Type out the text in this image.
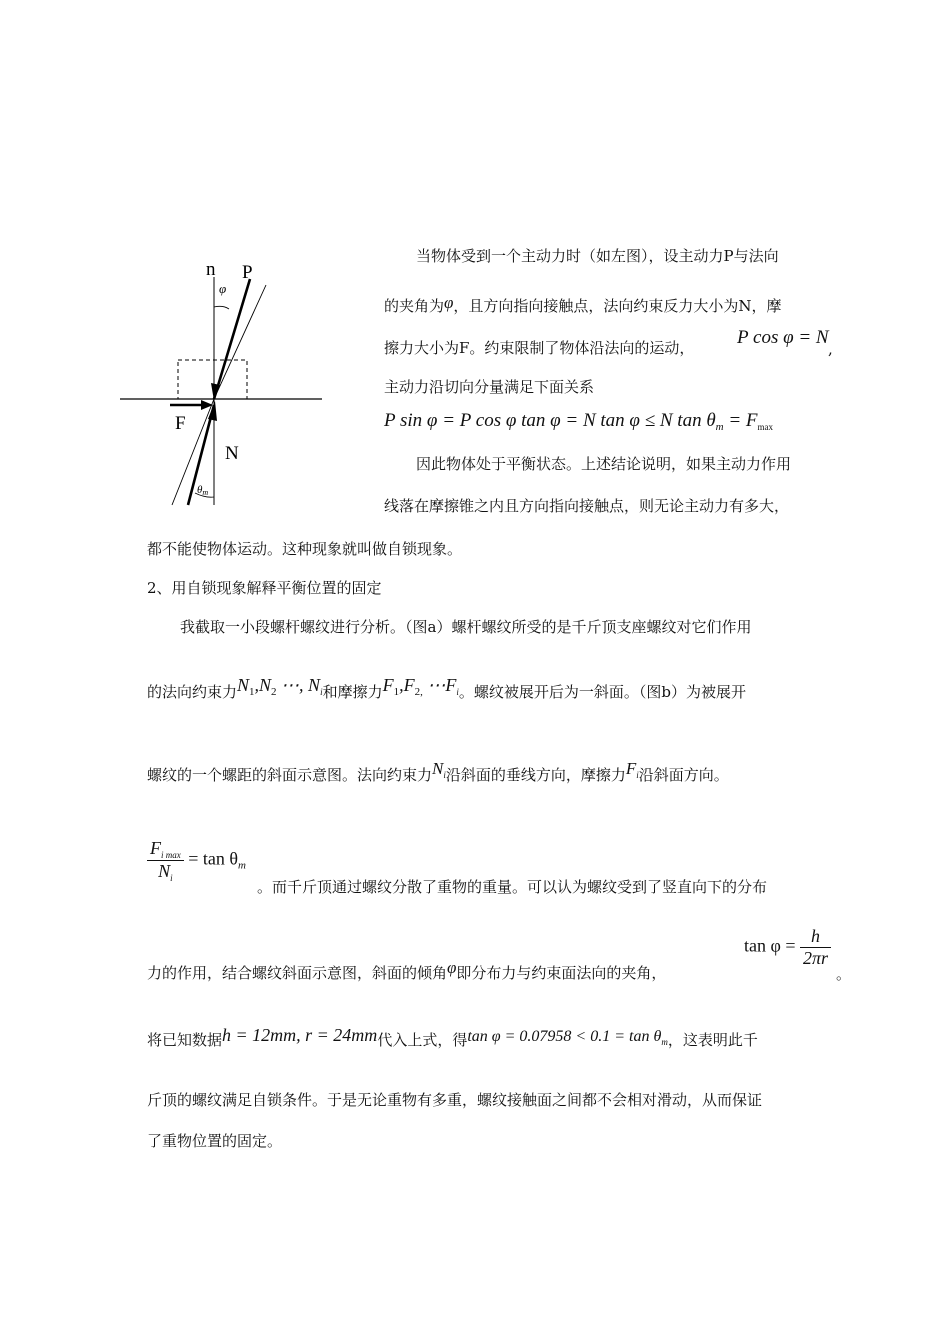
n P
φ
F
N
θm
当物体受到一个主动力时（如左图），设主动力P与法向
的夹角为φ，且方向指向接触点，法向约束反力大小为N，摩
擦力大小为F。约束限制了物体沿法向的运动， P cos φ = N
,
主动力沿切向分量满足下面关系
P sin φ = P cos φ tan φ = N tan φ ≤ N $\tan \theta_m = F_{max}$
因此物体处于平衡状态。上述结论说明，如果主动力作用
线落在摩擦锥之内且方向指向接触点，则无论主动力有多大，
都不能使物体运动。这种现象就叫做自锁现象。
2、用自锁现象解释平衡位置的固定
我截取一小段螺杆螺纹进行分析。（图a）螺杆螺纹所受的是千斤顶支座螺纹对它们作用
的法向约束力$N_1,N_2$ ⋯, $N_i$和摩擦力$F_1,F_{2,}$ $\cdots F_i$。螺纹被展开后为一斜面。（图b）为被展开
螺纹的一个螺距的斜面示意图。法向约束力$N_i$沿斜面的垂线方向，摩擦力$F_i$沿斜面方向。
$\frac{F_{i max}}{N_i} = \tan \theta_m$
。而千斤顶通过螺纹分散了重物的重量。可以认为螺纹受到了竖直向下的分布
力的作用，结合螺纹斜面示意图，斜面的倾角φ即分布力与约束面法向的夹角，
$\tan \varphi = \frac{h}{2\pi r}$
。
将已知数据h = 12mm, r = 24mm代入上式，得$\tan \varphi = 0.07958 < 0.1 = \tan \theta_m$，这表明此千
斤顶的螺纹满足自锁条件。于是无论重物有多重，螺纹接触面之间都不会相对滑动，从而保证
了重物位置的固定。
